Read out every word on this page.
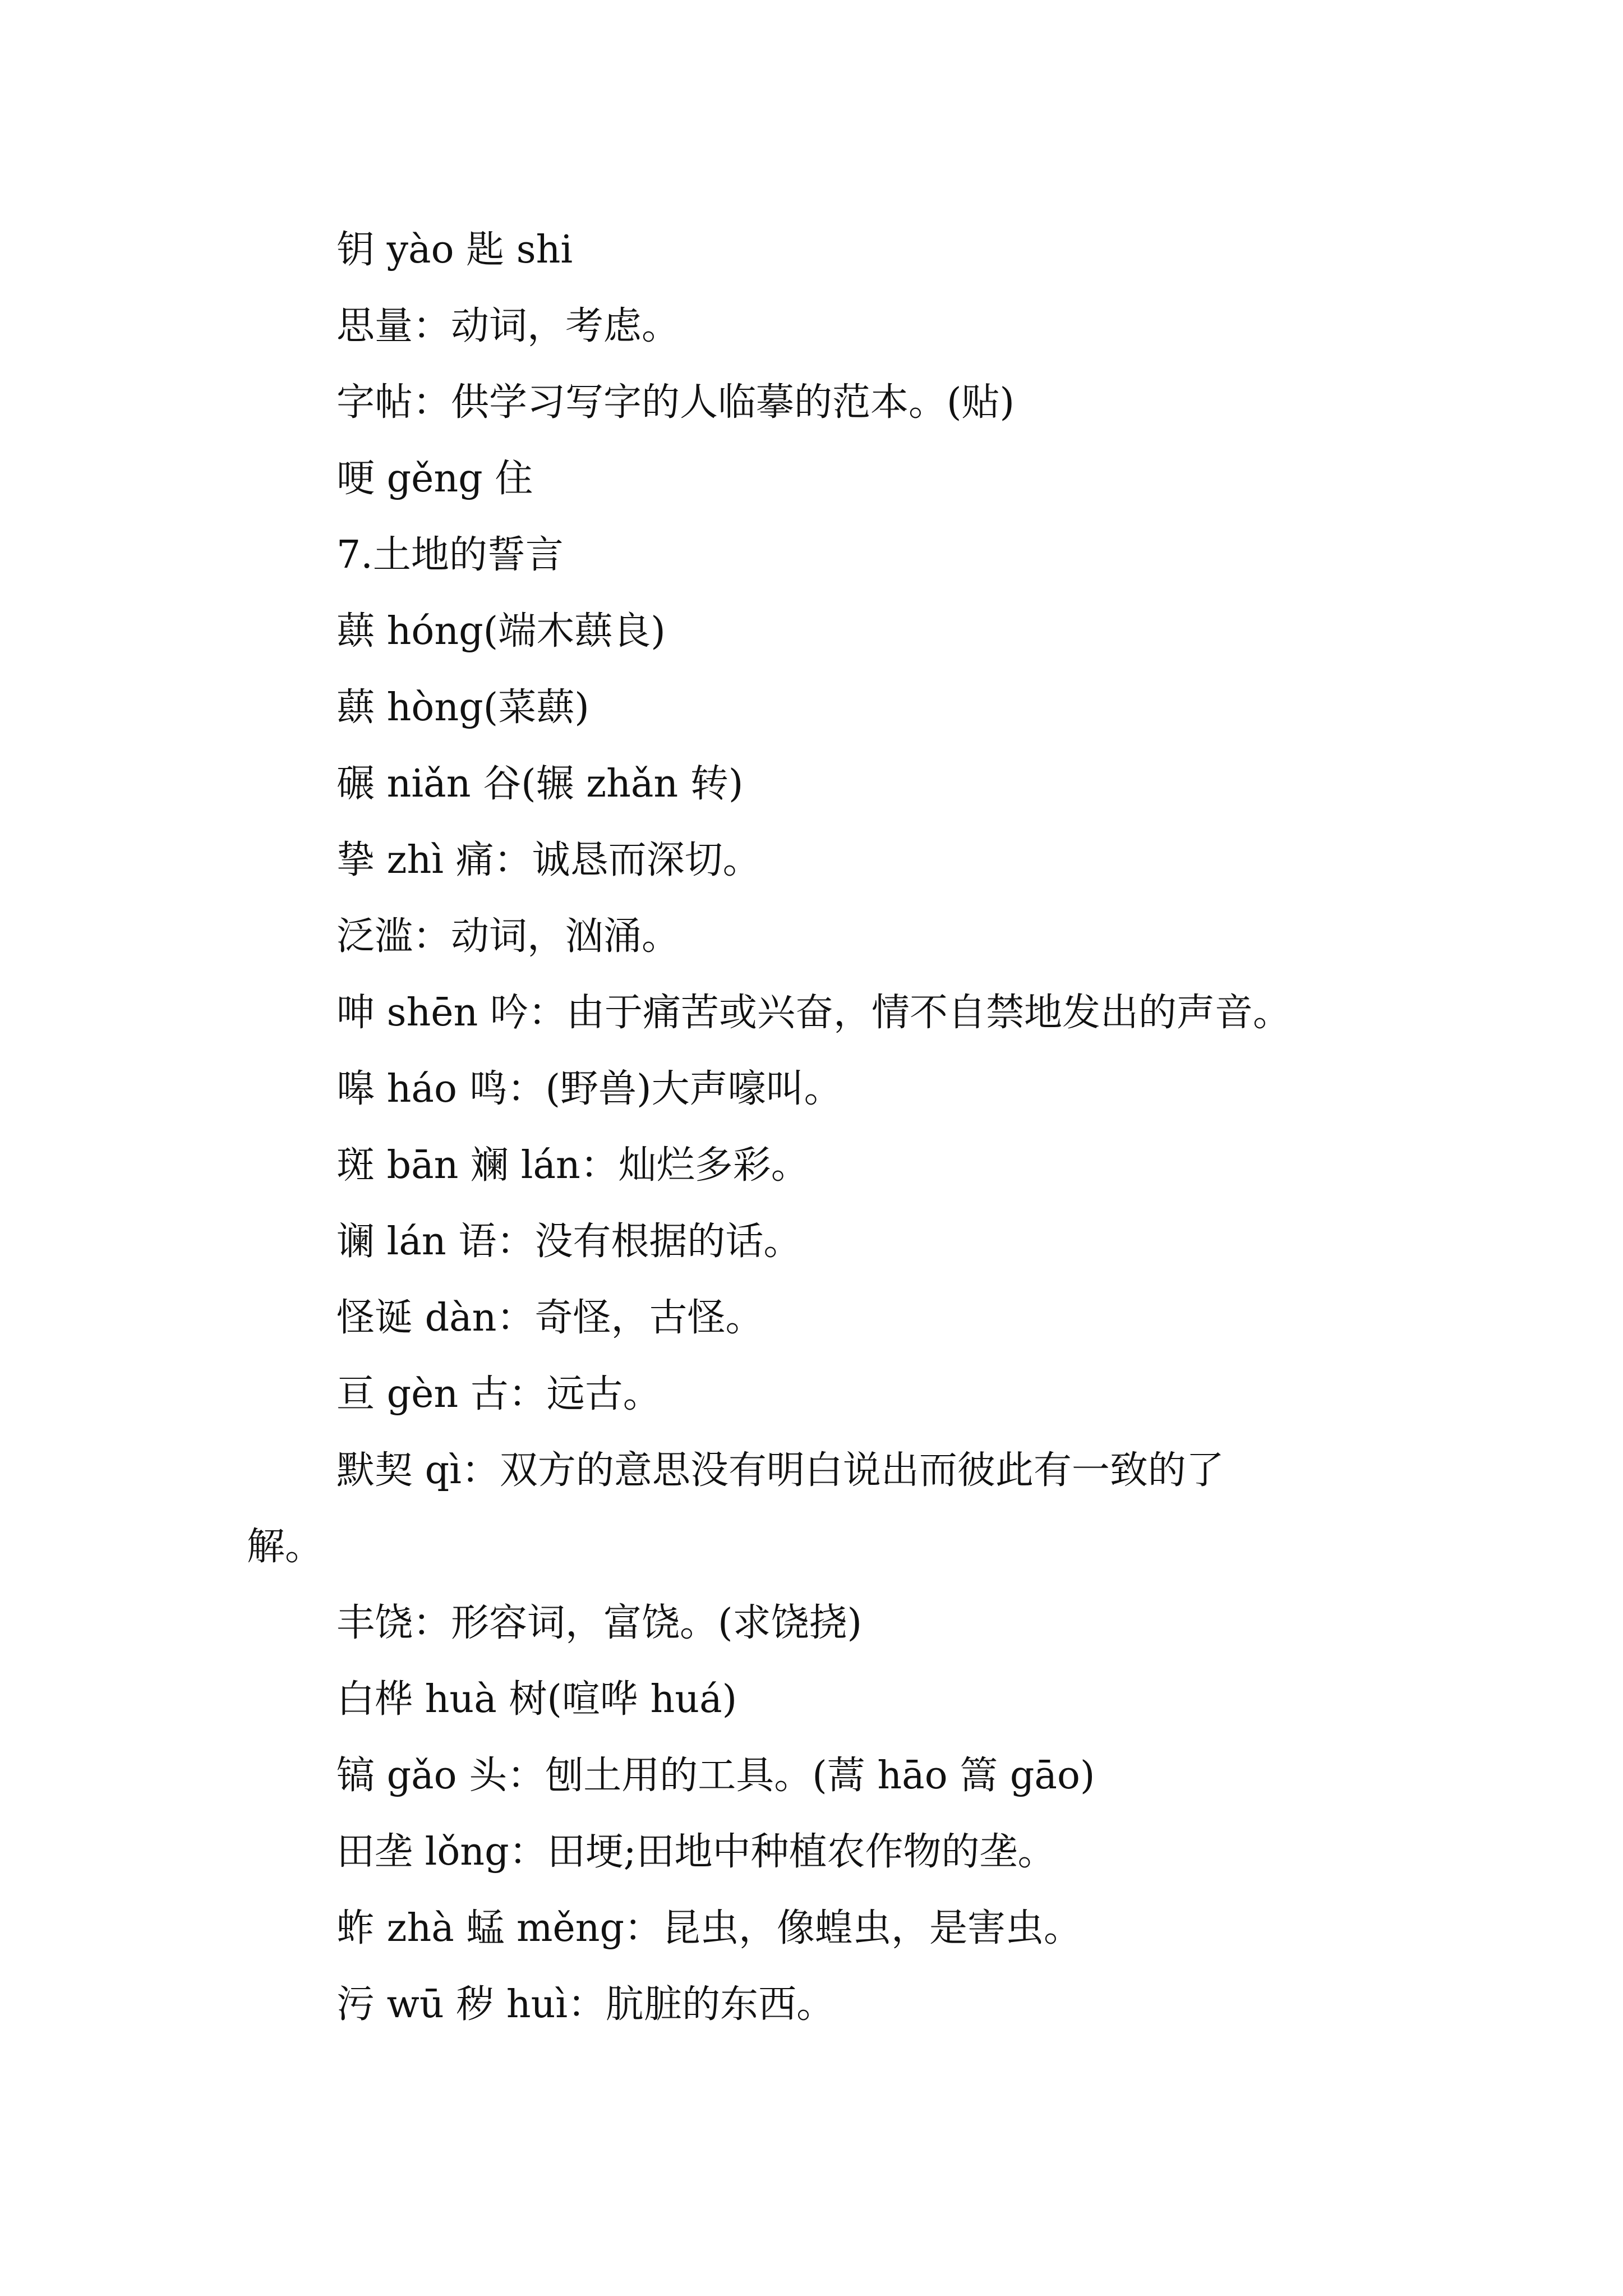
钥 yào 匙 shi
思量：动词，考虑。
字帖：供学习写字的人临摹的范本。(贴)
哽 gěng 住
7.土地的誓言
蕻 hóng(端木蕻良)
蕻 hòng(菜蕻)
碾 niǎn 谷(辗 zhǎn 转)
挚 zhì 痛：诚恳而深切。
泛滥：动词，汹涌。
呻 shēn 吟：由于痛苦或兴奋，情不自禁地发出的声音。
嗥 háo 鸣：(野兽)大声嚎叫。
斑 bān 斓 lán：灿烂多彩。
谰 lán 语：没有根据的话。
怪诞 dàn：奇怪，古怪。
亘 gèn 古：远古。
默契 qì：双方的意思没有明白说出而彼此有一致的了
解。
丰饶：形容词，富饶。(求饶挠)
白桦 huà 树(喧哗 huá)
镐 gǎo 头：刨土用的工具。(蒿 hāo 篙 gāo)
田垄 lǒng：田埂;田地中种植农作物的垄。
蚱 zhà 蜢 měng：昆虫，像蝗虫，是害虫。
污 wū 秽 huì：肮脏的东西。
